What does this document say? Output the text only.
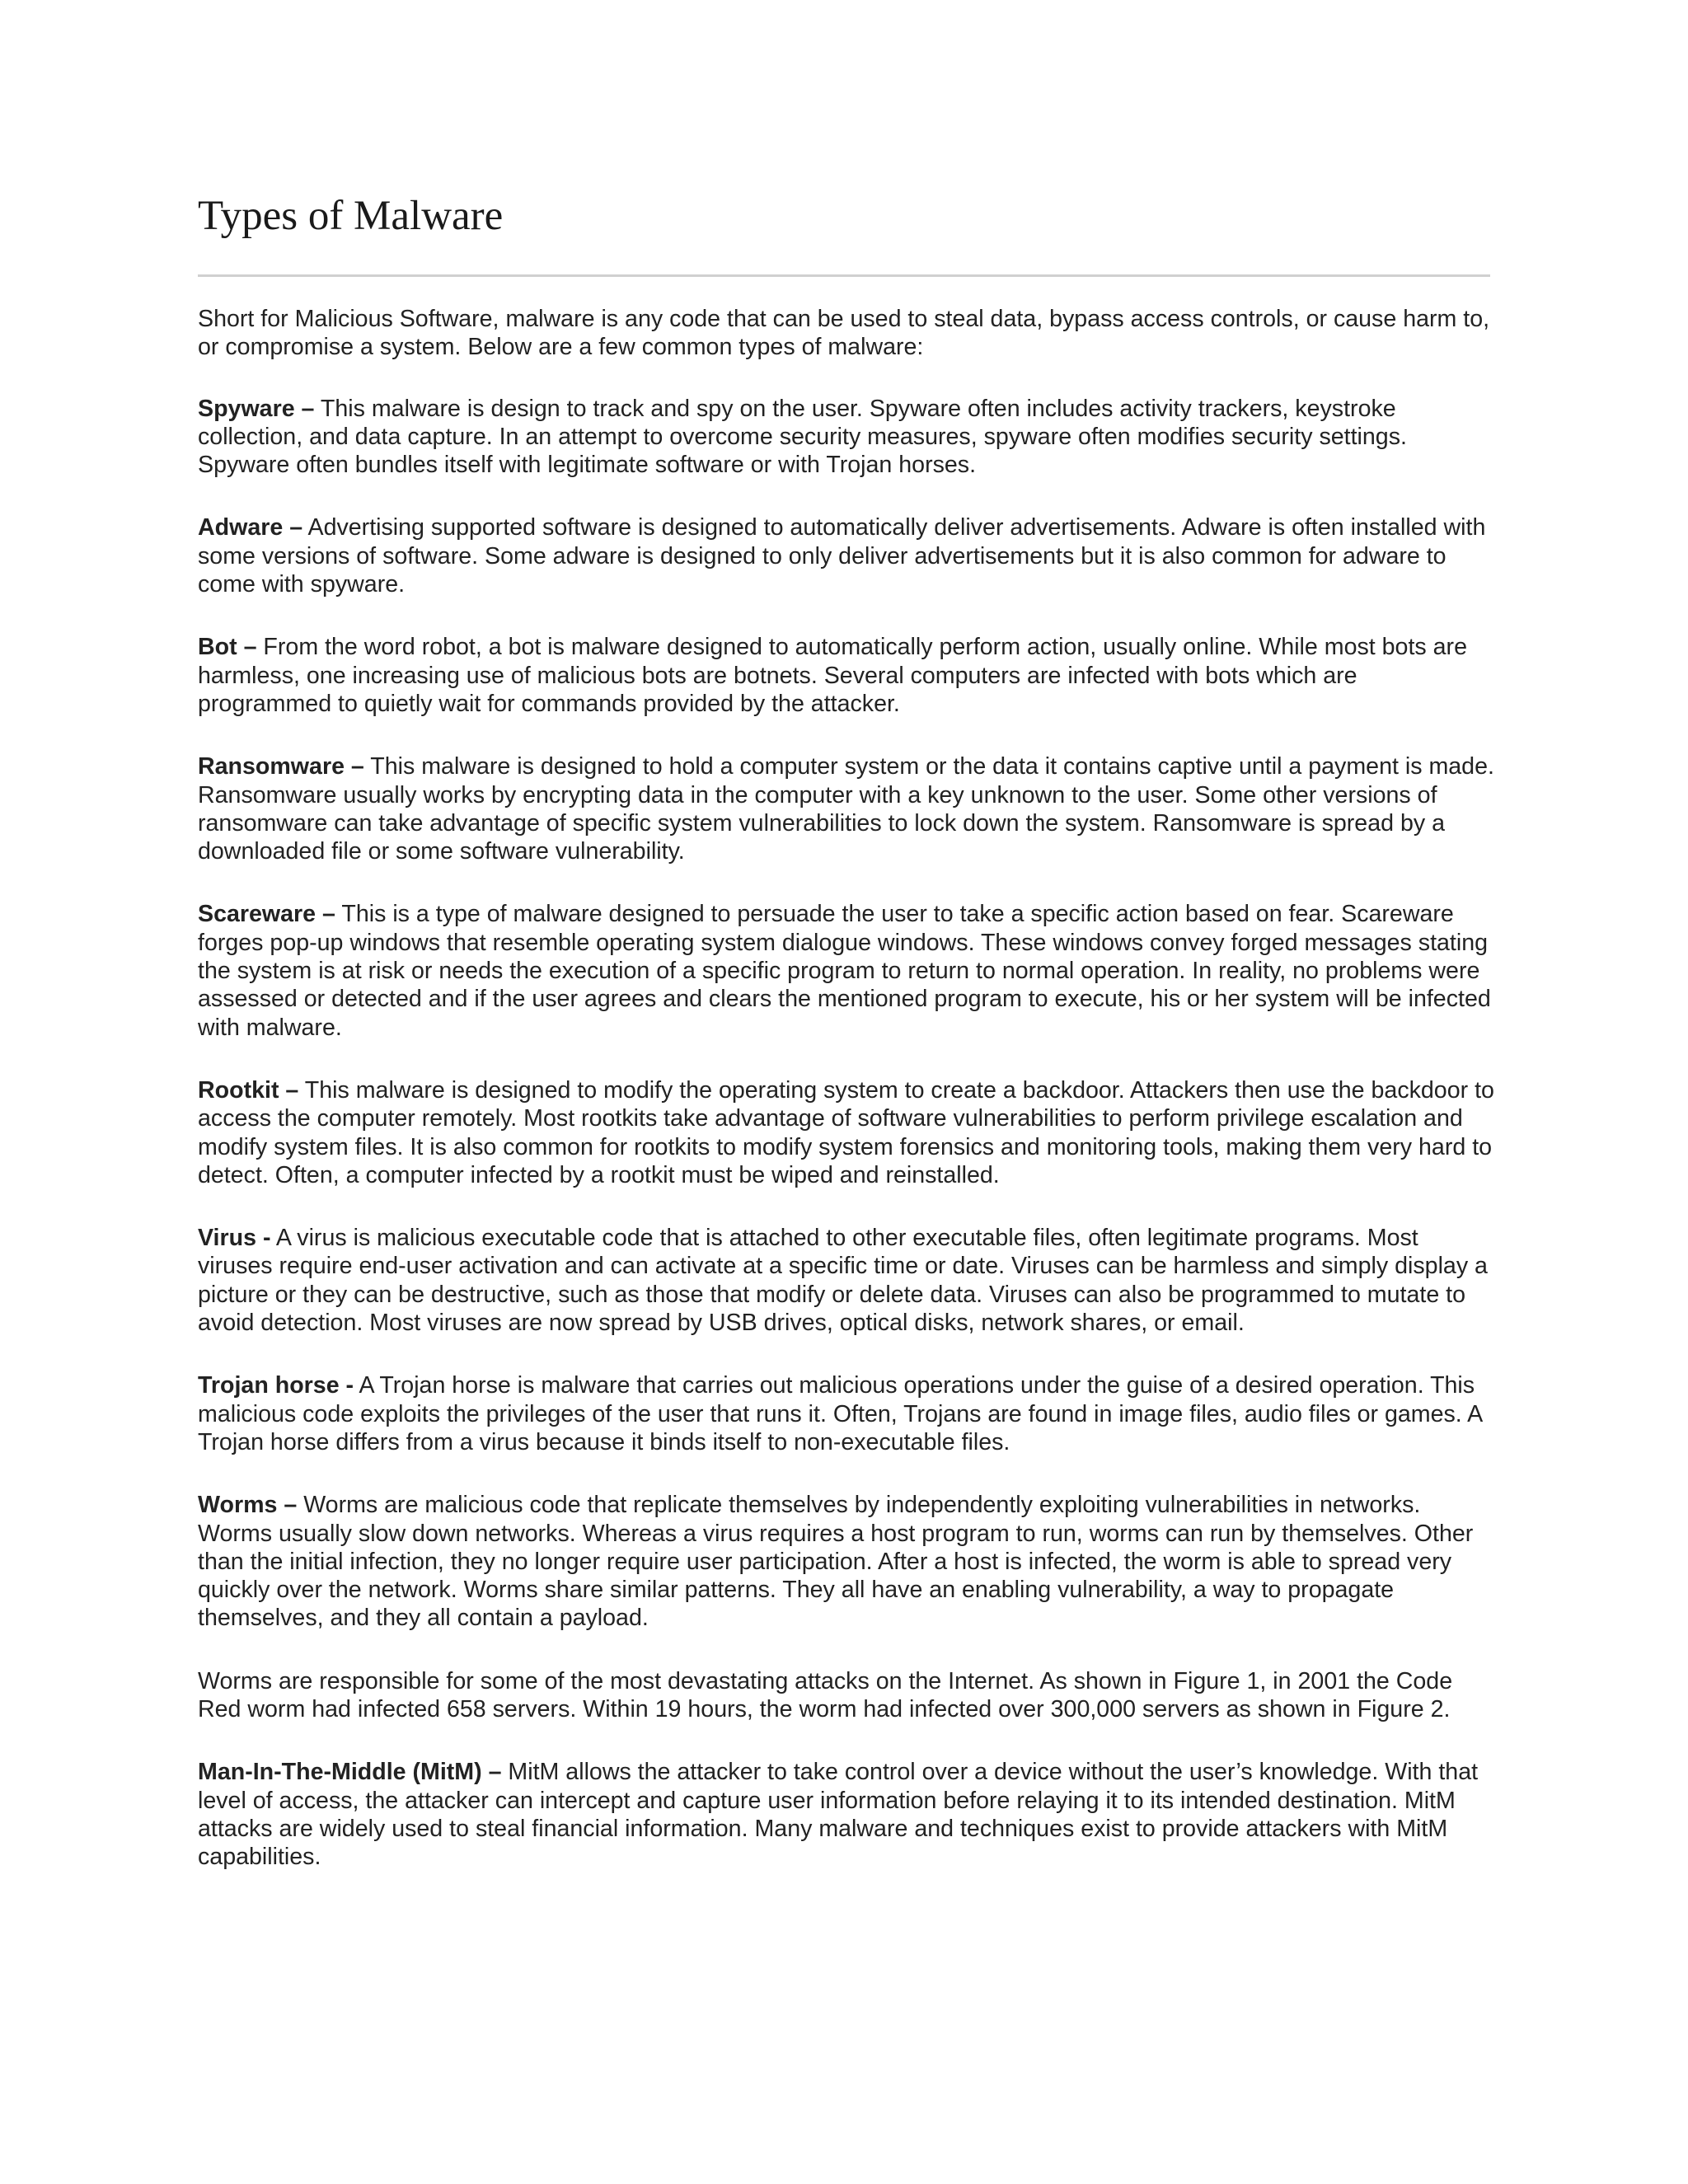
Types of Malware

Short for Malicious Software, malware is any code that can be used to steal data, bypass access controls, or cause harm to, or compromise a system. Below are a few common types of malware:

Spyware – This malware is design to track and spy on the user. Spyware often includes activity trackers, keystroke collection, and data capture. In an attempt to overcome security measures, spyware often modifies security settings. Spyware often bundles itself with legitimate software or with Trojan horses.

Adware – Advertising supported software is designed to automatically deliver advertisements. Adware is often installed with some versions of software. Some adware is designed to only deliver advertisements but it is also common for adware to come with spyware.

Bot – From the word robot, a bot is malware designed to automatically perform action, usually online. While most bots are harmless, one increasing use of malicious bots are botnets. Several computers are infected with bots which are programmed to quietly wait for commands provided by the attacker.

Ransomware – This malware is designed to hold a computer system or the data it contains captive until a payment is made. Ransomware usually works by encrypting data in the computer with a key unknown to the user. Some other versions of ransomware can take advantage of specific system vulnerabilities to lock down the system. Ransomware is spread by a downloaded file or some software vulnerability.

Scareware – This is a type of malware designed to persuade the user to take a specific action based on fear. Scareware forges pop-up windows that resemble operating system dialogue windows. These windows convey forged messages stating the system is at risk or needs the execution of a specific program to return to normal operation. In reality, no problems were assessed or detected and if the user agrees and clears the mentioned program to execute, his or her system will be infected with malware.

Rootkit – This malware is designed to modify the operating system to create a backdoor. Attackers then use the backdoor to access the computer remotely. Most rootkits take advantage of software vulnerabilities to perform privilege escalation and modify system files. It is also common for rootkits to modify system forensics and monitoring tools, making them very hard to detect. Often, a computer infected by a rootkit must be wiped and reinstalled.

Virus - A virus is malicious executable code that is attached to other executable files, often legitimate programs. Most viruses require end-user activation and can activate at a specific time or date. Viruses can be harmless and simply display a picture or they can be destructive, such as those that modify or delete data. Viruses can also be programmed to mutate to avoid detection. Most viruses are now spread by USB drives, optical disks, network shares, or email.

Trojan horse - A Trojan horse is malware that carries out malicious operations under the guise of a desired operation. This malicious code exploits the privileges of the user that runs it. Often, Trojans are found in image files, audio files or games. A Trojan horse differs from a virus because it binds itself to non-executable files.

Worms – Worms are malicious code that replicate themselves by independently exploiting vulnerabilities in networks. Worms usually slow down networks. Whereas a virus requires a host program to run, worms can run by themselves. Other than the initial infection, they no longer require user participation. After a host is infected, the worm is able to spread very quickly over the network. Worms share similar patterns. They all have an enabling vulnerability, a way to propagate themselves, and they all contain a payload.

Worms are responsible for some of the most devastating attacks on the Internet. As shown in Figure 1, in 2001 the Code Red worm had infected 658 servers. Within 19 hours, the worm had infected over 300,000 servers as shown in Figure 2.

Man-In-The-Middle (MitM) – MitM allows the attacker to take control over a device without the user’s knowledge. With that level of access, the attacker can intercept and capture user information before relaying it to its intended destination. MitM attacks are widely used to steal financial information. Many malware and techniques exist to provide attackers with MitM capabilities.
